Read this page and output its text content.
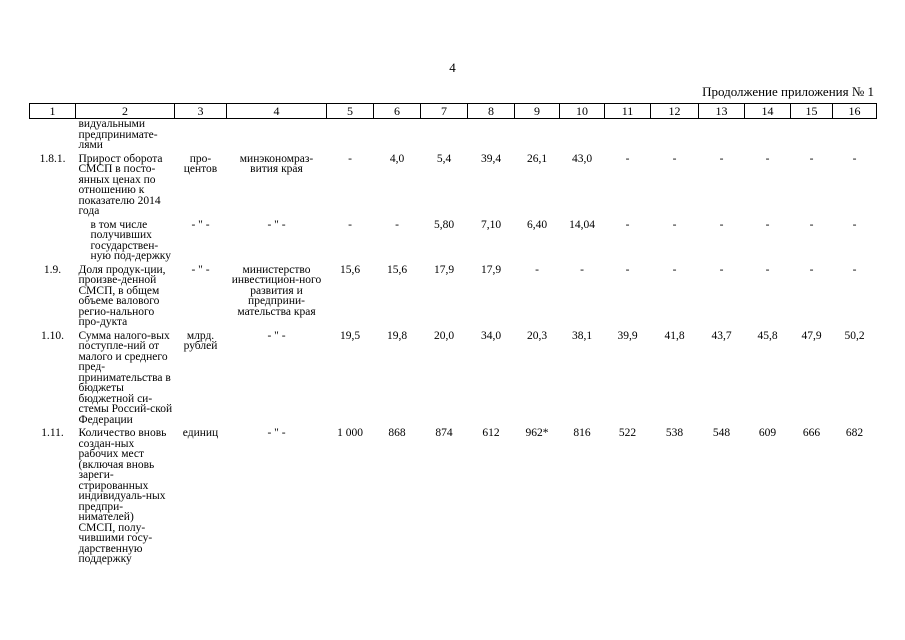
4
Продолжение приложения № 1
1	2	3	4	5	6	7	8	9	10	11	12	13	14	15	16
	видуальными предпринимате-лями														
1.8.1.	Прирост оборота СМСП в посто-янных ценах по отношению к показателю 2014 года	про-центов	минэкономраз-вития края	-	4,0	5,4	39,4	26,1	43,0	-	-	-	-	-	-
	в том числе получивших государствен-ную под-держку	- " -	- " -	-	-	5,80	7,10	6,40	14,04	-	-	-	-	-	-
1.9.	Доля продук-ции, произве-денной СМСП, в общем объеме валового регио-нального про-дукта	- " -	министерство инвестицион-ного развития и предприни-мательства края	15,6	15,6	17,9	17,9	-	-	-	-	-	-	-	-
1.10.	Сумма налого-вых поступле-ний от малого и среднего пред-принимательства в бюджеты бюджетной си-стемы Россий-ской Федерации	млрд. рублей	- " -	19,5	19,8	20,0	34,0	20,3	38,1	39,9	41,8	43,7	45,8	47,9	50,2
1.11.	Количество вновь создан-ных рабочих мест (включая вновь зареги-стрированных индивидуаль-ных предпри-нимателей) СМСП, полу-чившими госу-дарственную поддержку	единиц	- " -	1 000	868	874	612	962*	816	522	538	548	609	666	682
